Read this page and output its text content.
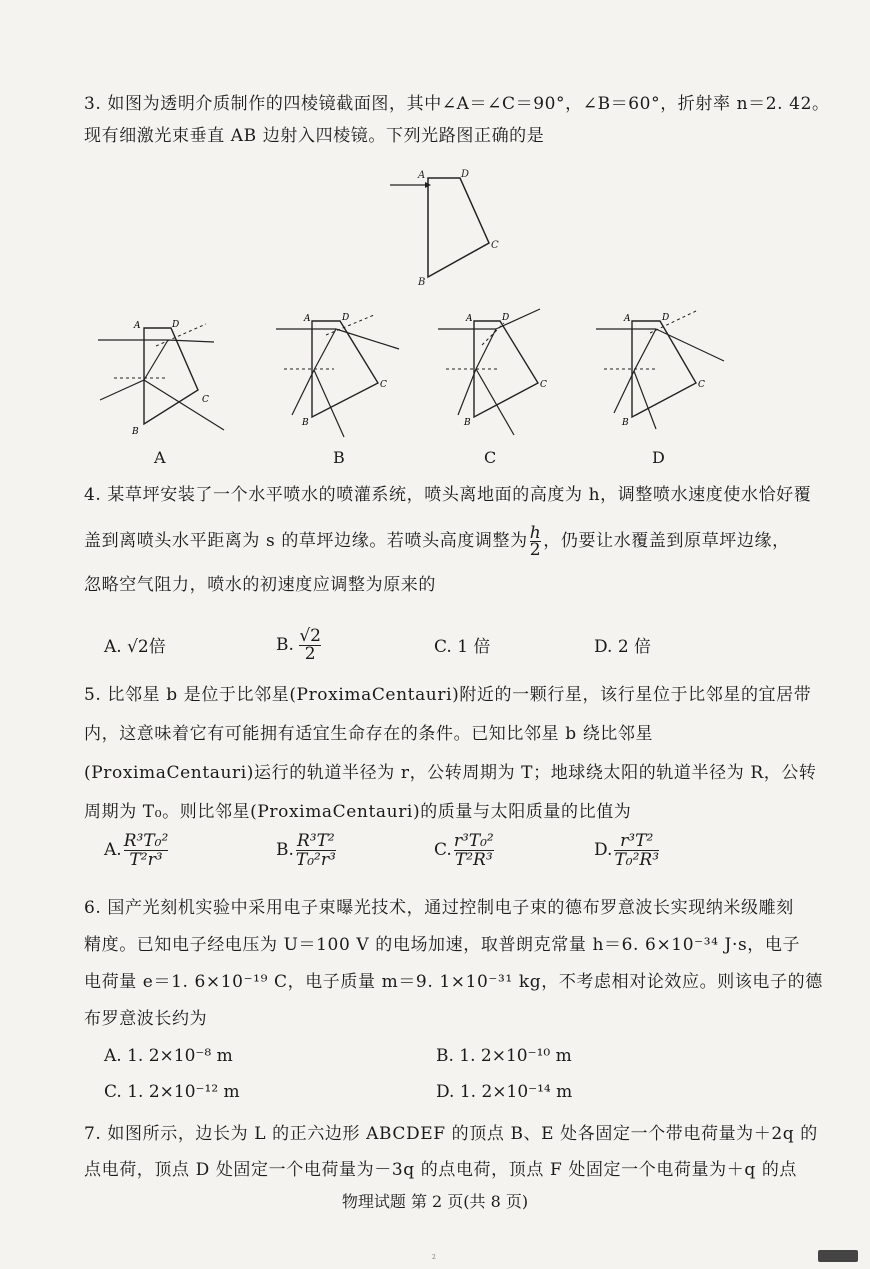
3. 如图为透明介质制作的四棱镜截面图，其中∠A＝∠C＝90°，∠B＝60°，折射率 n＝2. 42。
现有细激光束垂直 AB 边射入四棱镜。下列光路图正确的是
A	D
C
B
A	D
C
B
A	D
C
B
A	D
C
B
A	D
C
B
A	B	C	D
4. 某草坪安装了一个水平喷水的喷灌系统，喷头离地面的高度为 h，调整喷水速度使水恰好覆
盖到离喷头水平距离为 s 的草坪边缘。若喷头高度调整为 $\frac{h}{2}$ ，仍要让水覆盖到原草坪边缘，
忽略空气阻力，喷水的初速度应调整为原来的
A. √2倍	B. $\frac{√2}{2}$	C. 1 倍	D. 2 倍
5. 比邻星 b 是位于比邻星(ProximaCentauri)附近的一颗行星，该行星位于比邻星的宜居带
内，这意味着它有可能拥有适宜生命存在的条件。已知比邻星 b 绕比邻星
(ProximaCentauri)运行的轨道半径为 r，公转周期为 T；地球绕太阳的轨道半径为 R，公转
周期为 T₀。则比邻星(ProximaCentauri)的质量与太阳质量的比值为
A. $\frac{\text{R³T₀²}}{\text{T²r³}}$	B. $\frac{\text{R³T²}}{\text{T₀²r³}}$	C. $\frac{\text{r³T₀²}}{\text{T²R³}}$	D. $\frac{\text{r³T²}}{\text{T₀²R³}}$
6. 国产光刻机实验中采用电子束曝光技术，通过控制电子束的德布罗意波长实现纳米级雕刻
精度。已知电子经电压为 U＝100 V 的电场加速，取普朗克常量 h＝6. 6×10⁻³⁴ J·s，电子
电荷量 e＝1. 6×10⁻¹⁹ C，电子质量 m＝9. 1×10⁻³¹ kg，不考虑相对论效应。则该电子的德
布罗意波长约为
A. 1. 2×10⁻⁸ m	B. 1. 2×10⁻¹⁰ m
C. 1. 2×10⁻¹² m	D. 1. 2×10⁻¹⁴ m
7. 如图所示，边长为 L 的正六边形 ABCDEF 的顶点 B、E 处各固定一个带电荷量为＋2q 的
点电荷，顶点 D 处固定一个电荷量为－3q 的点电荷，顶点 F 处固定一个电荷量为＋q 的点
物理试题 第 2 页(共 8 页)
2
